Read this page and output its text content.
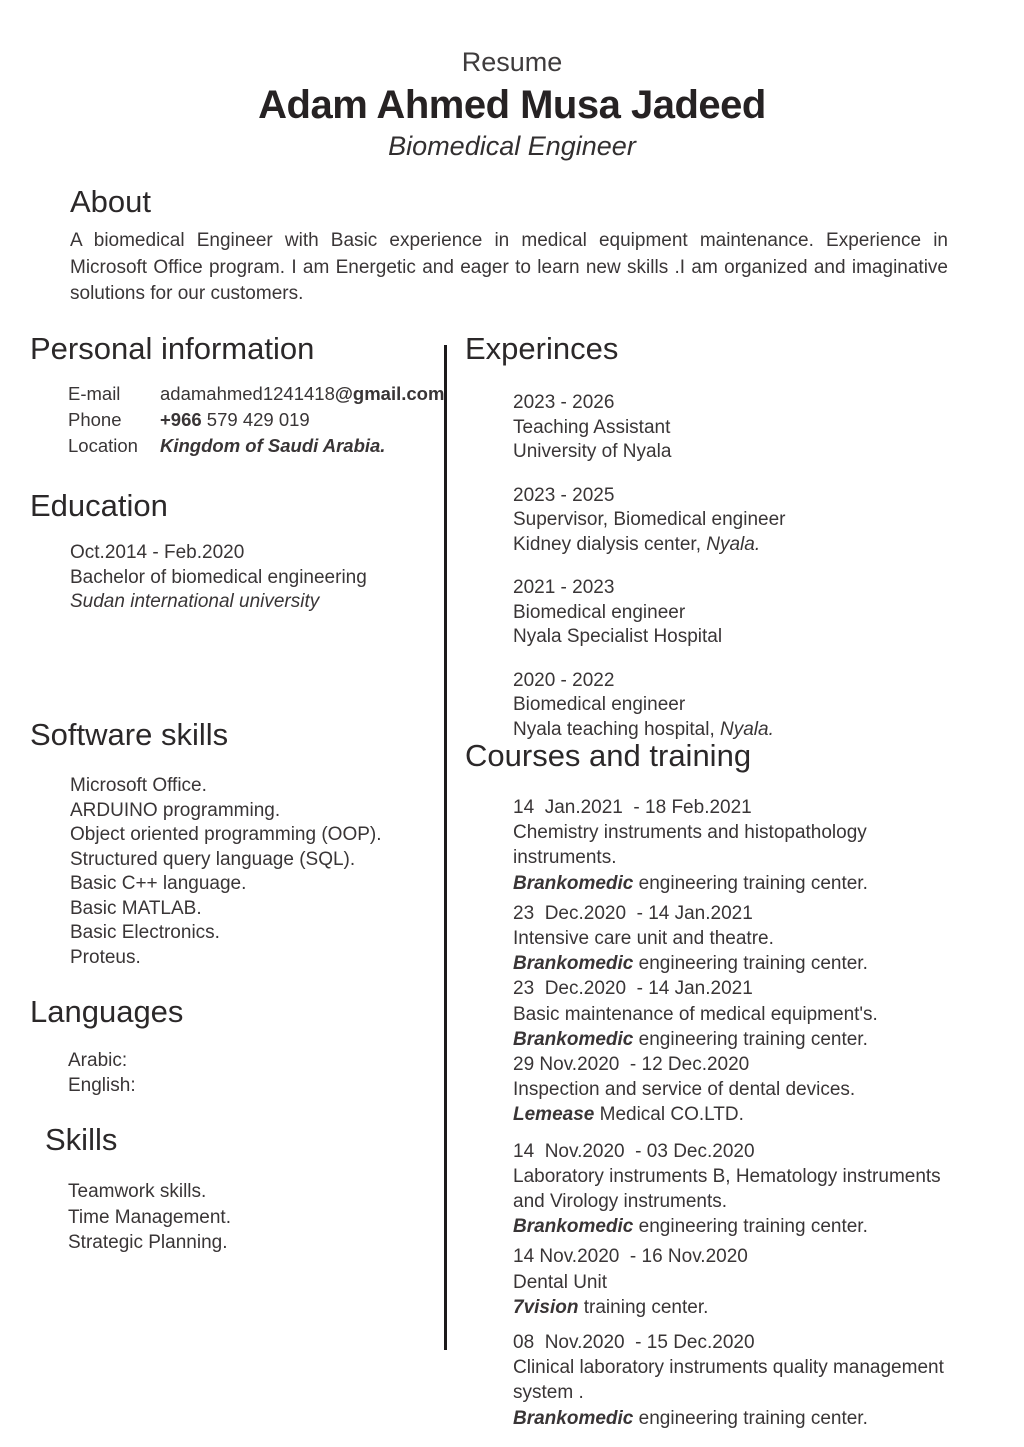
Resume
Adam Ahmed Musa Jadeed
Biomedical Engineer
About

A biomedical Engineer with Basic experience in medical equipment maintenance. Experience in Microsoft Office program. I am Energetic and eager to learn new skills .I am organized and imaginative solutions for our customers.

Personal information
E-mail	adamahmed1241418@gmail.com
Phone	+966 579 429 019
Location	Kingdom of Saudi Arabia.
Education
Oct.2014 - Feb.2020
Bachelor of biomedical engineering
Sudan international university
Software skills
Microsoft Office.
ARDUINO programming.
Object oriented programming (OOP).
Structured query language (SQL).
Basic C++ language.
Basic MATLAB.
Basic Electronics.
Proteus.
Languages
Arabic:
English:
Skills
Teamwork skills.
Time Management.
Strategic Planning.
Experinces
2023 - 2026
Teaching Assistant
University of Nyala
2023 - 2025
Supervisor, Biomedical engineer
Kidney dialysis center, Nyala.
2021 - 2023
Biomedical engineer
Nyala Specialist Hospital
2020 - 2022
Biomedical engineer
Nyala teaching hospital, Nyala.
Courses and training
14  Jan.2021  - 18 Feb.2021
Chemistry instruments and histopathology instruments.
Brankomedic engineering training center.
23  Dec.2020  - 14 Jan.2021
Intensive care unit and theatre.
Brankomedic engineering training center.
23  Dec.2020  - 14 Jan.2021
Basic maintenance of medical equipment's.
Brankomedic engineering training center.
29 Nov.2020  - 12 Dec.2020
Inspection and service of dental devices.
Lemease Medical CO.LTD.
14  Nov.2020  - 03 Dec.2020
Laboratory instruments B, Hematology instruments and Virology instruments.
Brankomedic engineering training center.
14 Nov.2020  - 16 Nov.2020
Dental Unit
7vision training center.
08  Nov.2020  - 15 Dec.2020
Clinical laboratory instruments quality management system .
Brankomedic engineering training center.
